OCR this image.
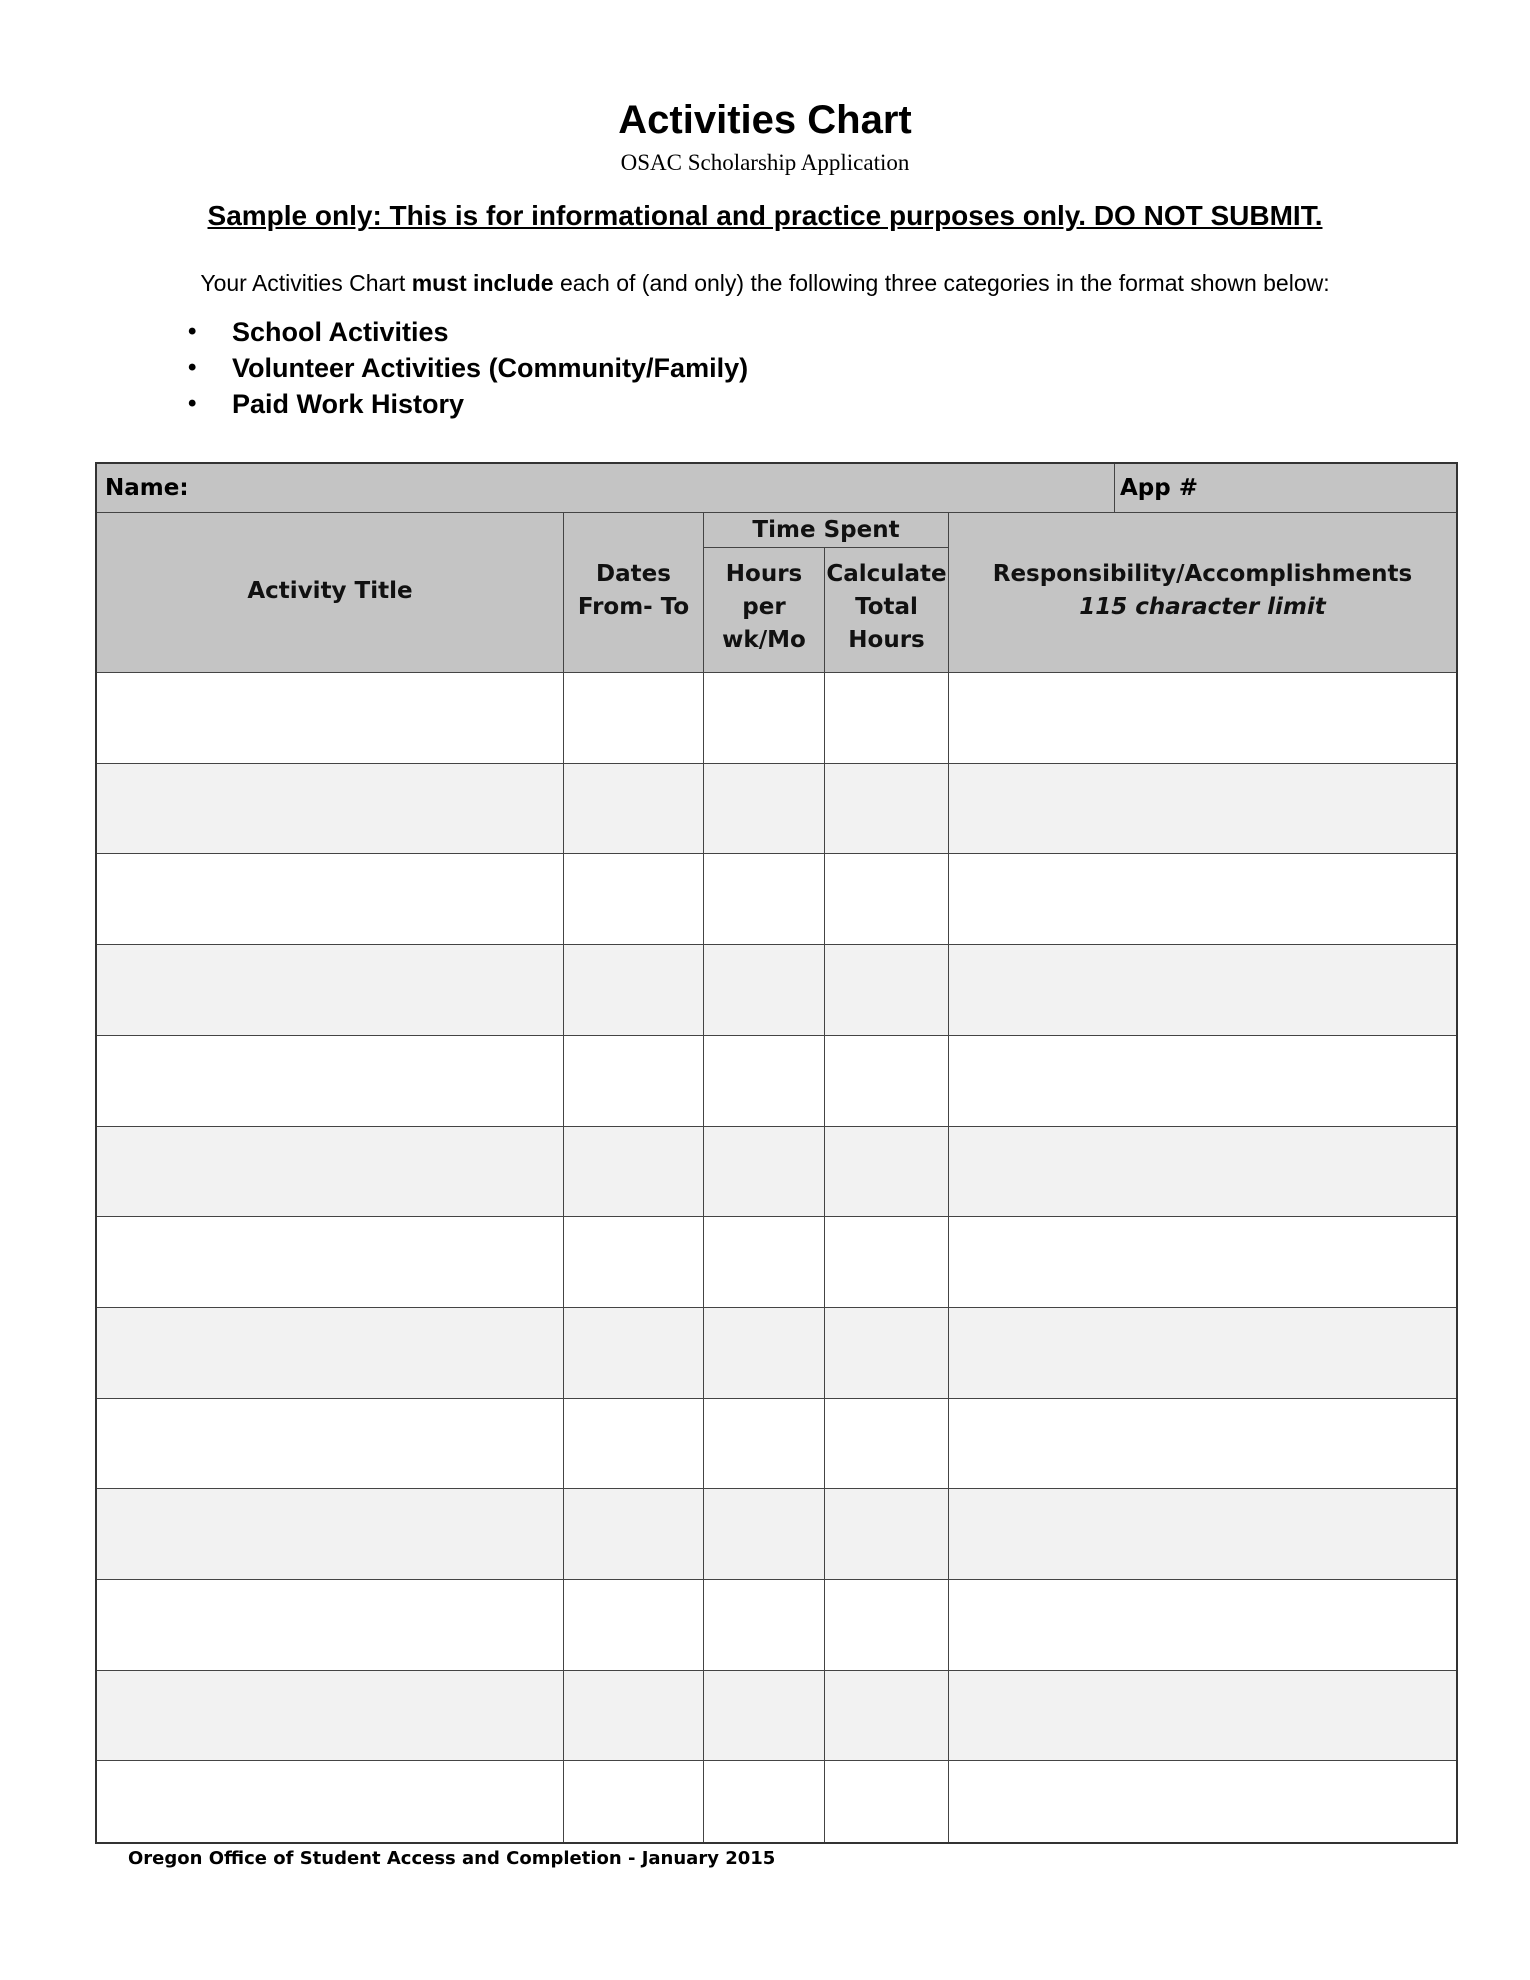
Activities Chart
OSAC Scholarship Application
Sample only: This is for informational and practice purposes only. DO NOT SUBMIT.
Your Activities Chart must include each of (and only) the following three categories in the format shown below:
• School Activities
• Volunteer Activities (Community/Family)
• Paid Work History
Name:	App #
Activity Title
Dates
From- To
Time Spent
Hours
per
wk/Mo
Calculate
Total
Hours
Responsibility/Accomplishments
115 character limit
Oregon Office of Student Access and Completion - January 2015
